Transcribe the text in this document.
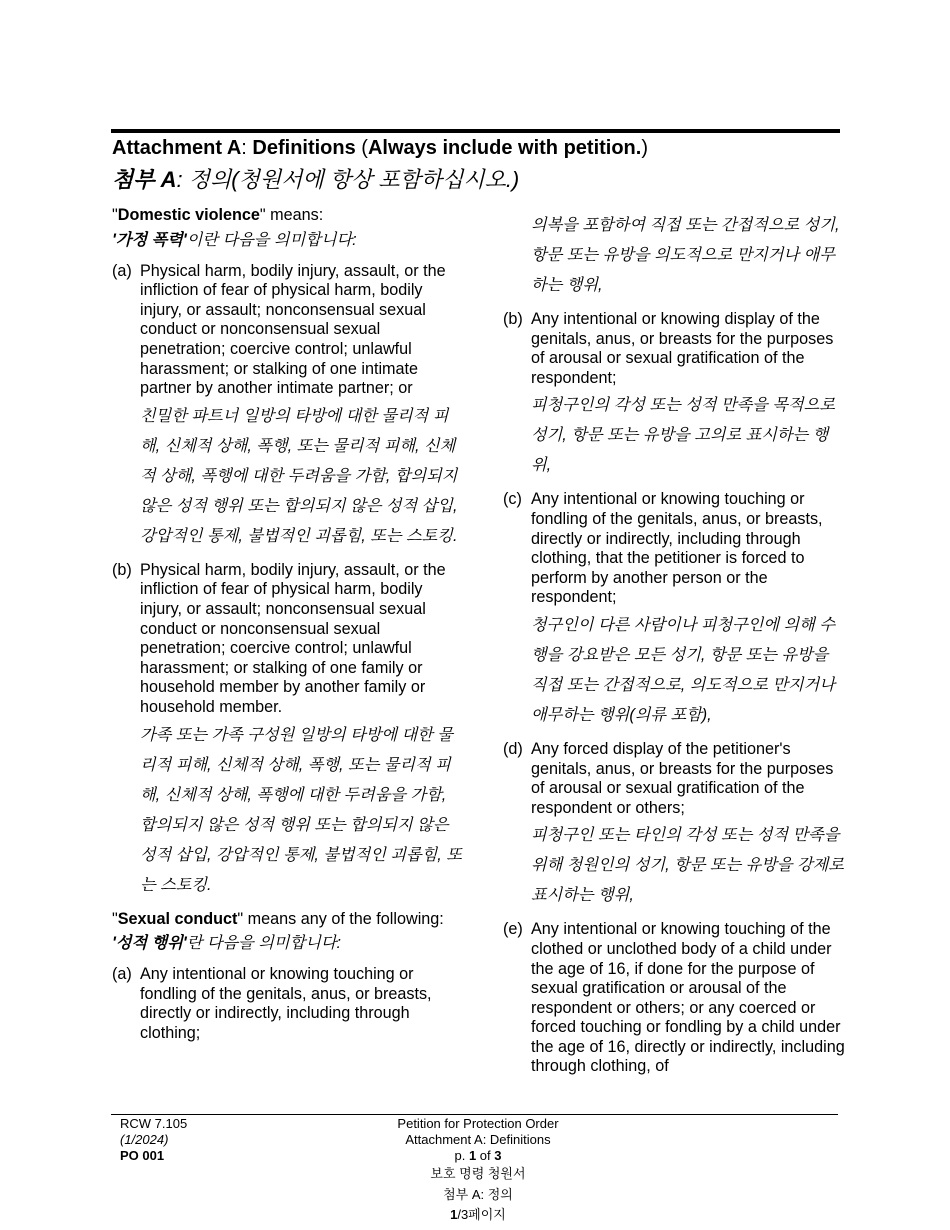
Attachment A: Definitions (Always include with petition.)
첨부 A: 정의(청원서에 항상 포함하십시오.)

"Domestic violence" means:

'가정 폭력'이란 다음을 의미합니다:

(a) Physical harm, bodily injury, assault, or the infliction of fear of physical harm, bodily injury, or assault; nonconsensual sexual conduct or nonconsensual sexual penetration; coercive control; unlawful harassment; or stalking of one intimate partner by another intimate partner; or
친밀한 파트너 일방의 타방에 대한 물리적 피해, 신체적 상해, 폭행, 또는 물리적 피해, 신체적 상해, 폭행에 대한 두려움을 가함, 합의되지 않은 성적 행위 또는 합의되지 않은 성적 삽입, 강압적인 통제, 불법적인 괴롭힘, 또는 스토킹.
(b) Physical harm, bodily injury, assault, or the infliction of fear of physical harm, bodily injury, or assault; nonconsensual sexual conduct or nonconsensual sexual penetration; coercive control; unlawful harassment; or stalking of one family or household member by another family or household member.
가족 또는 가족 구성원 일방의 타방에 대한 물리적 피해, 신체적 상해, 폭행, 또는 물리적 피해, 신체적 상해, 폭행에 대한 두려움을 가함, 합의되지 않은 성적 행위 또는 합의되지 않은 성적 삽입, 강압적인 통제, 불법적인 괴롭힘, 또는 스토킹.

"Sexual conduct" means any of the following:

'성적 행위'란 다음을 의미합니다:

(a) Any intentional or knowing touching or fondling of the genitals, anus, or breasts, directly or indirectly, including through clothing;
의복을 포함하여 직접 또는 간접적으로 성기, 항문 또는 유방을 의도적으로 만지거나 애무하는 행위,
(b) Any intentional or knowing display of the genitals, anus, or breasts for the purposes of arousal or sexual gratification of the respondent;
피청구인의 각성 또는 성적 만족을 목적으로 성기, 항문 또는 유방을 고의로 표시하는 행위,
(c) Any intentional or knowing touching or fondling of the genitals, anus, or breasts, directly or indirectly, including through clothing, that the petitioner is forced to perform by another person or the respondent;
청구인이 다른 사람이나 피청구인에 의해 수행을 강요받은 모든 성기, 항문 또는 유방을 직접 또는 간접적으로, 의도적으로 만지거나 애무하는 행위(의류 포함),
(d) Any forced display of the petitioner's genitals, anus, or breasts for the purposes of arousal or sexual gratification of the respondent or others;
피청구인 또는 타인의 각성 또는 성적 만족을 위해 청원인의 성기, 항문 또는 유방을 강제로 표시하는 행위,
(e) Any intentional or knowing touching of the clothed or unclothed body of a child under the age of 16, if done for the purpose of sexual gratification or arousal of the respondent or others; or any coerced or forced touching or fondling by a child under the age of 16, directly or indirectly, including through clothing, of
RCW 7.105
(1/2024)
PO 001
Petition for Protection Order
Attachment A: Definitions
p. 1 of 3
보호 명령 청원서
첨부 A: 정의
1/3페이지
